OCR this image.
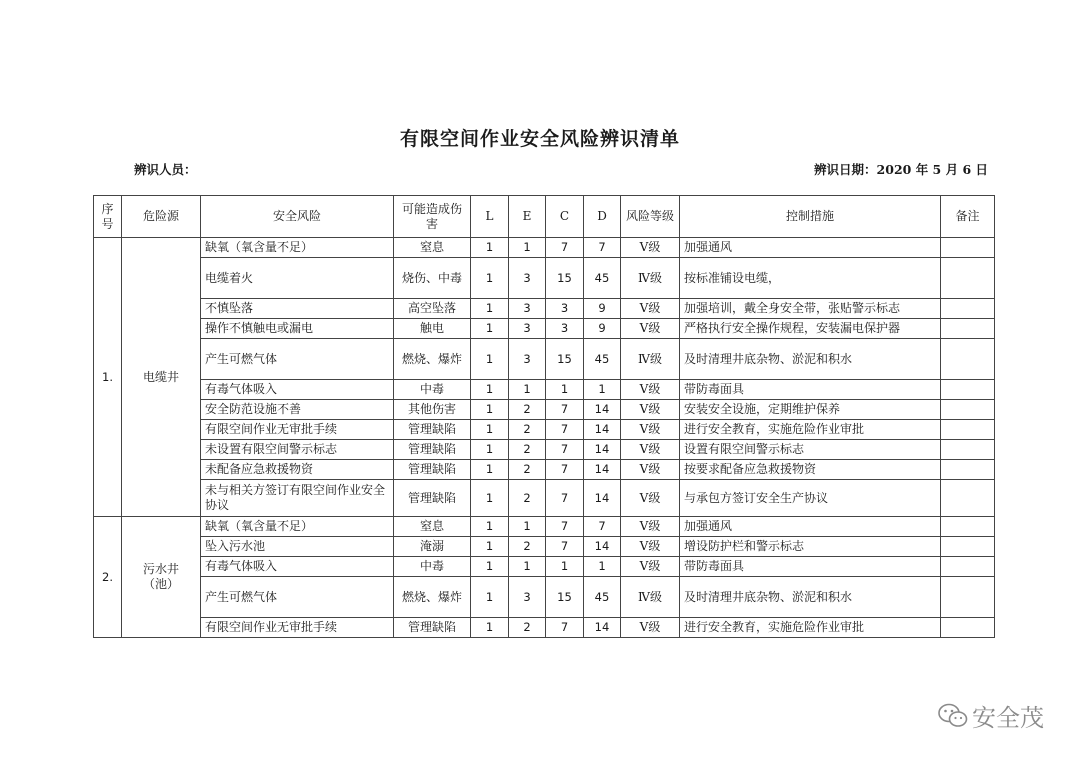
有限空间作业安全风险辨识清单
辨识人员：	辨识日期：2020 年 5 月 6 日
序号	危险源	安全风险	可能造成伤害	L	E	C	D	风险等级	控制措施	备注
1.	电缆井	缺氧（氧含量不足）	窒息	1	1	7	7	Ⅴ级	加强通风	
		电缆着火	烧伤、中毒	1	3	15	45	Ⅳ级	按标准铺设电缆，	
		不慎坠落	高空坠落	1	3	3	9	Ⅴ级	加强培训，戴全身安全带，张贴警示标志	
		操作不慎触电或漏电	触电	1	3	3	9	Ⅴ级	严格执行安全操作规程，安装漏电保护器	
		产生可燃气体	燃烧、爆炸	1	3	15	45	Ⅳ级	及时清理井底杂物、淤泥和积水	
		有毒气体吸入	中毒	1	1	1	1	Ⅴ级	带防毒面具	
		安全防范设施不善	其他伤害	1	2	7	14	Ⅴ级	安装安全设施，定期维护保养	
		有限空间作业无审批手续	管理缺陷	1	2	7	14	Ⅴ级	进行安全教育，实施危险作业审批	
		未设置有限空间警示标志	管理缺陷	1	2	7	14	Ⅴ级	设置有限空间警示标志	
		未配备应急救援物资	管理缺陷	1	2	7	14	Ⅴ级	按要求配备应急救援物资	
		未与相关方签订有限空间作业安全协议	管理缺陷	1	2	7	14	Ⅴ级	与承包方签订安全生产协议	
2.	污水井（池）	缺氧（氧含量不足）	窒息	1	1	7	7	Ⅴ级	加强通风	
		坠入污水池	淹溺	1	2	7	14	Ⅴ级	增设防护栏和警示标志	
		有毒气体吸入	中毒	1	1	1	1	Ⅴ级	带防毒面具	
		产生可燃气体	燃烧、爆炸	1	3	15	45	Ⅳ级	及时清理井底杂物、淤泥和积水	
		有限空间作业无审批手续	管理缺陷	1	2	7	14	Ⅴ级	进行安全教育，实施危险作业审批	
安全茂
